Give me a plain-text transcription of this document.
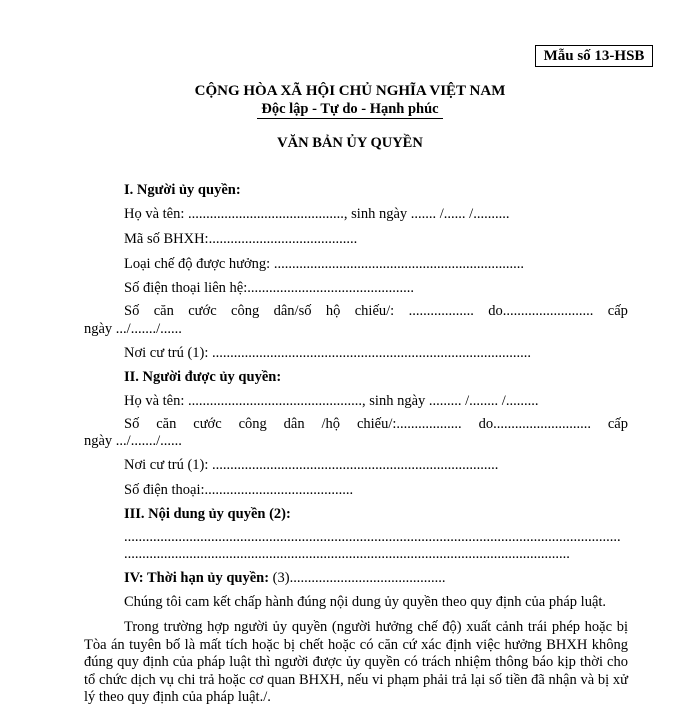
Mẫu số 13-HSB
CỘNG HÒA XÃ HỘI CHỦ NGHĨA VIỆT NAM
Độc lập - Tự do - Hạnh phúc
VĂN BẢN ỦY QUYỀN
I. Người ủy quyền:
Họ và tên: ..........................................., sinh ngày ....... /...... /..........
Mã số BHXH:.........................................
Loại chế độ được hưởng: .....................................................................
Số điện thoại liên hệ:..............................................
Số căn cước công dân/số hộ chiếu/: .................. do......................... cấp
ngày .../......./......
Nơi cư trú (1): ........................................................................................
II. Người được ủy quyền:
Họ và tên: ................................................, sinh ngày ......... /........ /.........
Số căn cước công dân /hộ chiếu/:.................. do........................... cấp
ngày .../......./......
Nơi cư trú (1): ...............................................................................
Số điện thoại:.........................................
III. Nội dung ủy quyền (2):
.........................................................................................................................................
...........................................................................................................................
IV: Thời hạn ủy quyền: (3)...........................................
Chúng tôi cam kết chấp hành đúng nội dung ủy quyền theo quy định của pháp luật.
Trong trường hợp người ủy quyền (người hưởng chế độ) xuất cảnh trái phép hoặc bị Tòa án tuyên bố là mất tích hoặc bị chết hoặc có căn cứ xác định việc hưởng BHXH không đúng quy định của pháp luật thì người được ủy quyền có trách nhiệm thông báo kịp thời cho tổ chức dịch vụ chi trả hoặc cơ quan BHXH, nếu vi phạm phải trả lại số tiền đã nhận và bị xử lý theo quy định của pháp luật./.
